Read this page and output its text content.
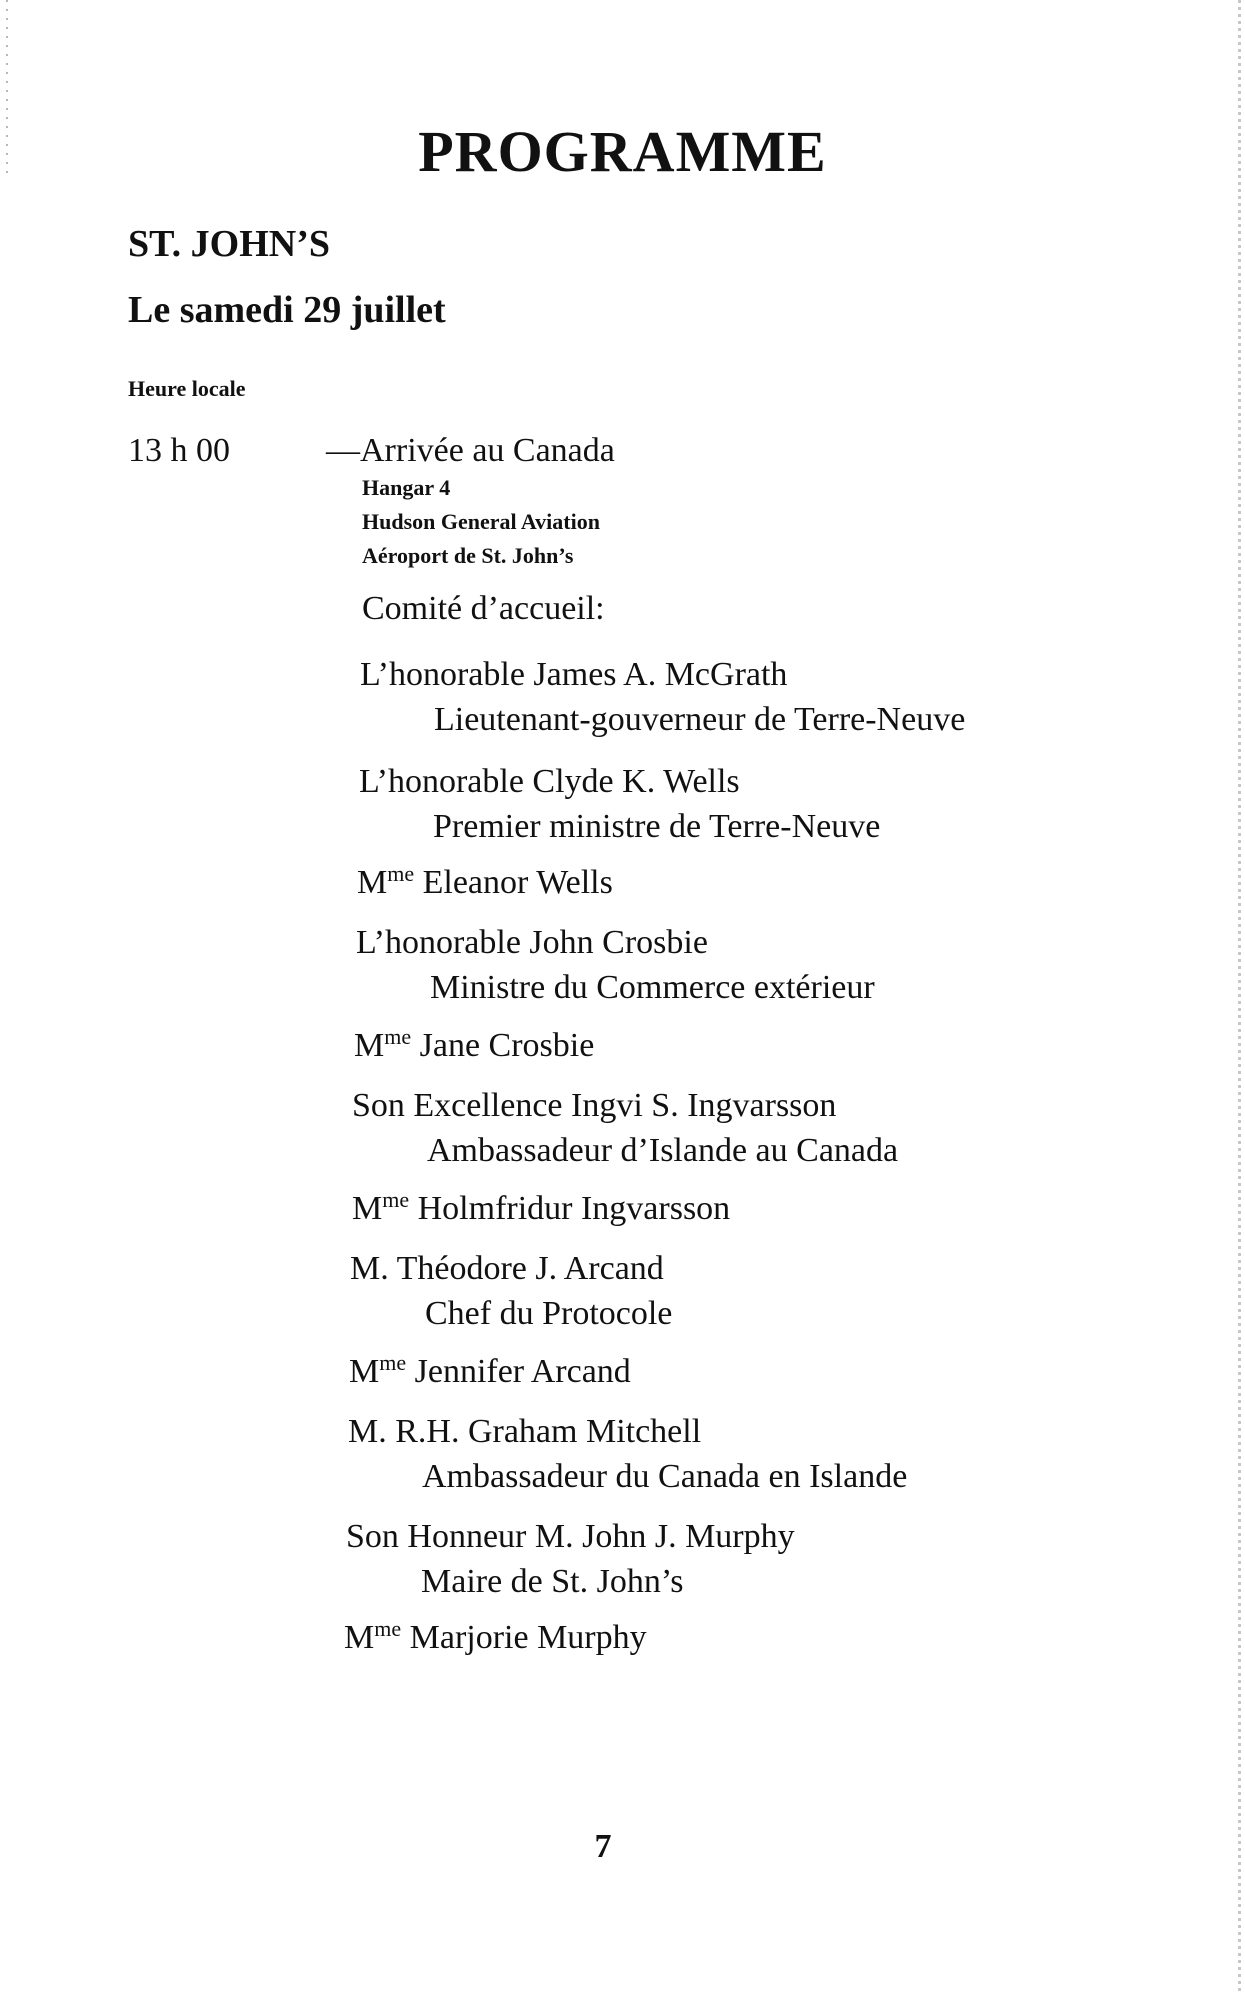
PROGRAMME
ST. JOHN’S
Le samedi 29 juillet
Heure locale
13 h 00	—Arrivée au Canada
Hangar 4
Hudson General Aviation
Aéroport de St. John’s
Comité d’accueil:
L’honorable James A. McGrath
Lieutenant-gouverneur de Terre-Neuve
L’honorable Clyde K. Wells
Premier ministre de Terre-Neuve
$M^{me}$ Eleanor Wells
L’honorable John Crosbie
Ministre du Commerce extérieur
$M^{me}$ Jane Crosbie
Son Excellence Ingvi S. Ingvarsson
Ambassadeur d’Islande au Canada
$M^{me}$ Holmfridur Ingvarsson
M. Théodore J. Arcand
Chef du Protocole
$M^{me}$ Jennifer Arcand
M. R.H. Graham Mitchell
Ambassadeur du Canada en Islande
Son Honneur M. John J. Murphy
Maire de St. John’s
$M^{me}$ Marjorie Murphy
7
